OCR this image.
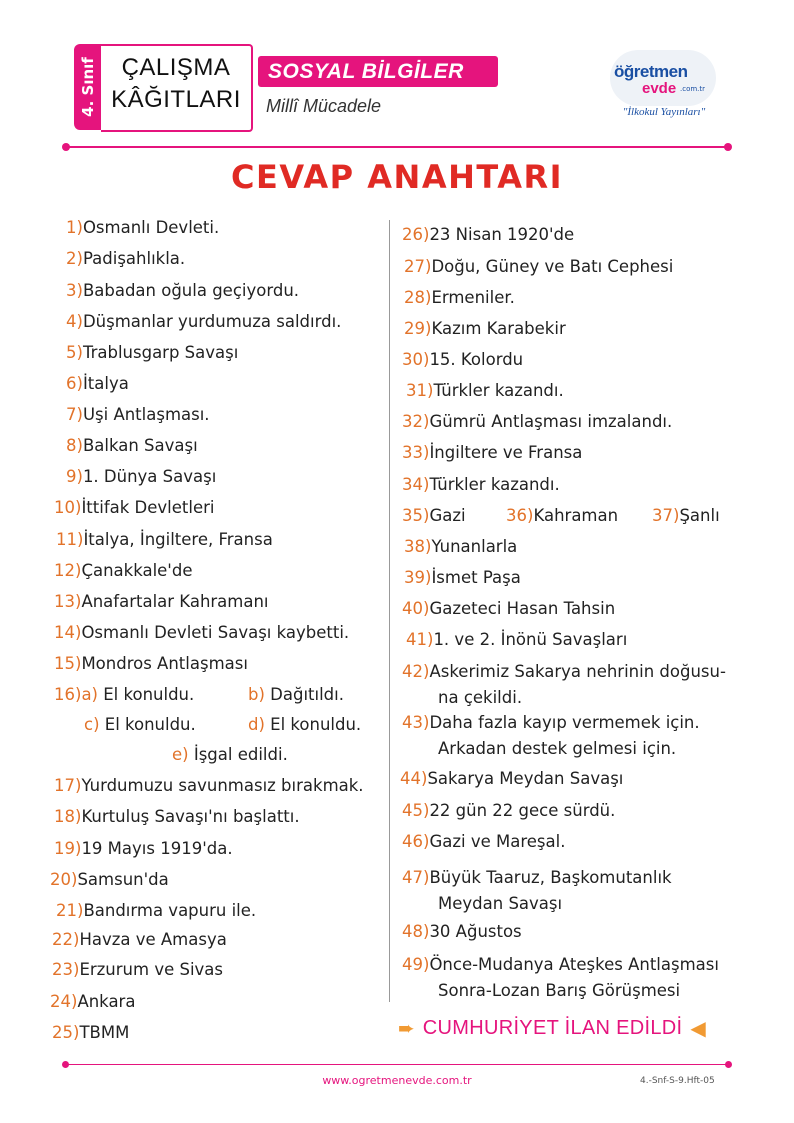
4. Sınıf	ÇALIŞMA
KÂĞITLARI
SOSYAL BİLGİLER
Millî Mücadele
öğretmen
evde .com.tr
"İlkokul Yayınları"
CEVAP ANAHTARI
1)Osmanlı Devleti.
2)Padişahlıkla.
3)Babadan oğula geçiyordu.
4)Düşmanlar yurdumuza saldırdı.
5)Trablusgarp Savaşı
6)İtalya
7)Uşi Antlaşması.
8)Balkan Savaşı
9)1. Dünya Savaşı
10)İttifak Devletleri
11)İtalya, İngiltere, Fransa
12)Çanakkale'de
13)Anafartalar Kahramanı
14)Osmanlı Devleti Savaşı kaybetti.
15)Mondros Antlaşması
16)a) El konuldu.	b) Dağıtıldı.
c) El konuldu.	d) El konuldu.
e) İşgal edildi.
17)Yurdumuzu savunmasız bırakmak.
18)Kurtuluş Savaşı'nı başlattı.
19)19 Mayıs 1919'da.
20)Samsun'da
21)Bandırma vapuru ile.
22)Havza ve Amasya
23)Erzurum ve Sivas
24)Ankara
25)TBMM
26)23 Nisan 1920'de
27)Doğu, Güney ve Batı Cephesi
28)Ermeniler.
29)Kazım Karabekir
30)15. Kolordu
31)Türkler kazandı.
32)Gümrü Antlaşması imzalandı.
33)İngiltere ve Fransa
34)Türkler kazandı.
35)Gazi 36)Kahraman 37)Şanlı
38)Yunanlarla
39)İsmet Paşa
40)Gazeteci Hasan Tahsin
41)1. ve 2. İnönü Savaşları
42)Askerimiz Sakarya nehrinin doğusu-
na çekildi.
43)Daha fazla kayıp vermemek için.
Arkadan destek gelmesi için.
44)Sakarya Meydan Savaşı
45)22 gün 22 gece sürdü.
46)Gazi ve Mareşal.
47)Büyük Taaruz, Başkomutanlık
Meydan Savaşı
48)30 Ağustos
49)Önce-Mudanya Ateşkes Antlaşması
Sonra-Lozan Barış Görüşmesi
➨ CUMHURİYET İLAN EDİLDİ ◀
www.ogretmenevde.com.tr	4.-Snf-S-9.Hft-05
